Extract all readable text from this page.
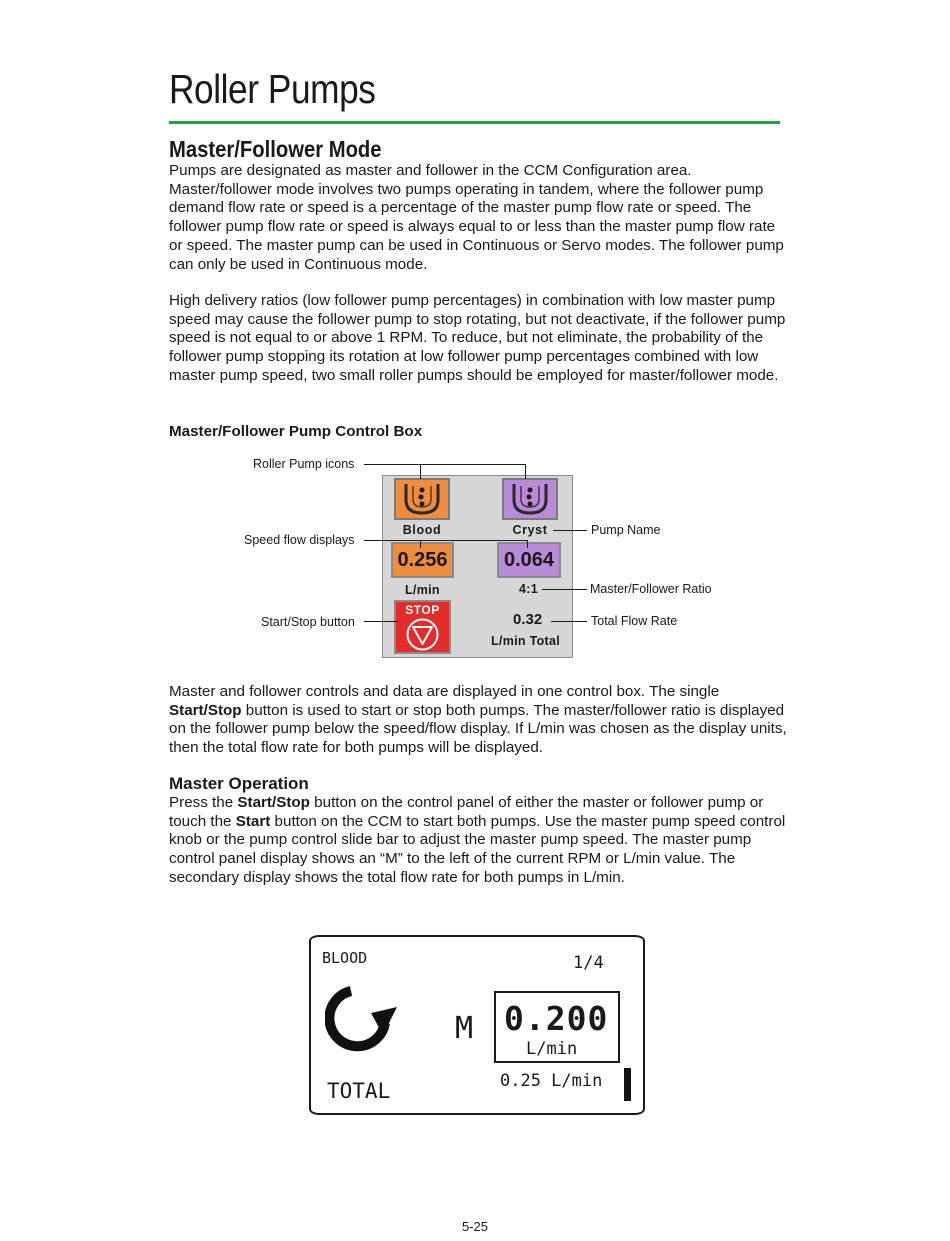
Roller Pumps
Master/Follower Mode
Pumps are designated as master and follower in the CCM Configuration area. Master/follower mode involves two pumps operating in tandem, where the follower pump demand flow rate or speed is a percentage of the master pump flow rate or speed. The follower pump flow rate or speed is always equal to or less than the master pump flow rate or speed. The master pump can be used in Continuous or Servo modes. The follower pump can only be used in Continuous mode.
High delivery ratios (low follower pump percentages) in combination with low master pump speed may cause the follower pump to stop rotating, but not deactivate, if the follower pump speed is not equal to or above 1 RPM. To reduce, but not eliminate, the probability of the follower pump stopping its rotation at low follower pump percentages combined with low master pump speed, two small roller pumps should be employed for master/follower mode.
Master/Follower Pump Control Box
Roller Pump icons
Speed flow displays
Start/Stop button
Pump Name
Master/Follower Ratio
Total Flow Rate
Blood	Cryst
0.256	0.064
L/min	4:1
STOP
0.32
L/min Total
Master and follower controls and data are displayed in one control box. The single Start/Stop button is used to start or stop both pumps. The master/follower ratio is displayed on the follower pump below the speed/flow display. If L/min was chosen as the display units, then the total flow rate for both pumps will be displayed.
Master Operation
Press the Start/Stop button on the control panel of either the master or follower pump or touch the Start button on the CCM to start both pumps. Use the master pump speed control knob or the pump control slide bar to adjust the master pump speed. The master pump control panel display shows an “M” to the left of the current RPM or L/min value. The secondary display shows the total flow rate for both pumps in L/min.
BLOOD	1/4
M 0.200
L/min
TOTAL	0.25 L/min
5-25
